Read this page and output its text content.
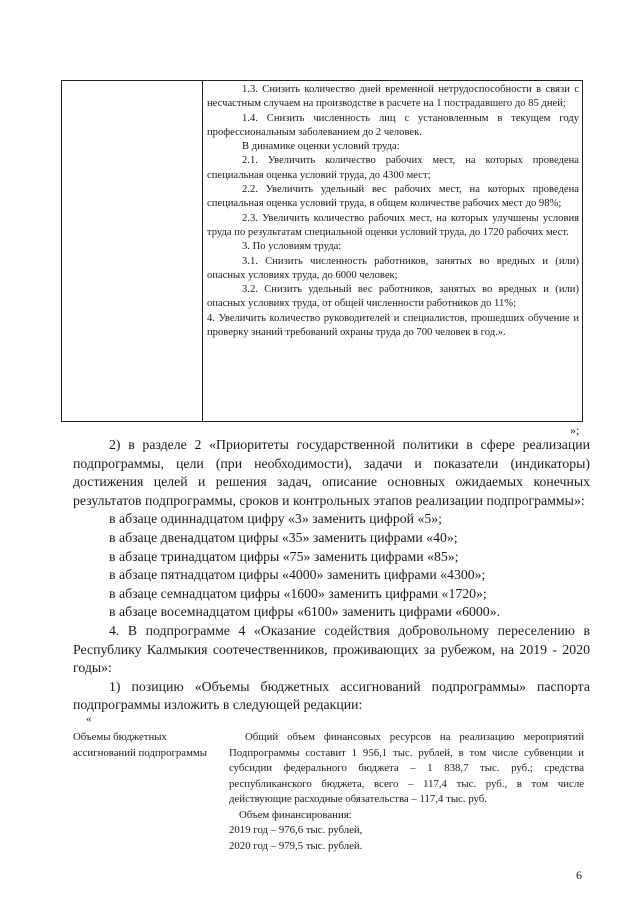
1.3. Снизить количество дней временной нетрудоспособности в связи с несчастным случаем на производстве в расчете на 1 пострадавшего до 85 дней;

1.4. Снизить численность лиц с установленным в текущем году профессиональным заболеванием до 2 человек.

В динамике оценки условий труда:

2.1. Увеличить количество рабочих мест, на которых проведена специальная оценка условий труда, до 4300 мест;

2.2. Увеличить удельный вес рабочих мест, на которых проведена специальная оценка условий труда, в общем количестве рабочих мест до 98%;

2.3. Увеличить количество рабочих мест, на которых улучшены условия труда по результатам специальной оценки условий труда, до 1720 рабочих мест.

3. По условиям труда:

3.1. Снизить численность работников, занятых во вредных и (или) опасных условиях труда, до 6000 человек;

3.2. Снизить удельный вес работников, занятых во вредных и (или) опасных условиях труда, от общей численности работников до 11%;

4. Увеличить количество руководителей и специалистов, прошедших обучение и проверку знаний требований охраны труда до 700 человек в год.».

»;

2) в разделе 2 «Приоритеты государственной политики в сфере реализации подпрограммы, цели (при необходимости), задачи и показатели (индикаторы) достижения целей и решения задач, описание основных ожидаемых конечных результатов подпрограммы, сроков и контрольных этапов реализации подпрограммы»:

в абзаце одиннадцатом цифру «3» заменить цифрой «5»;

в абзаце двенадцатом цифры «35» заменить цифрами «40»;

в абзаце тринадцатом цифры «75» заменить цифрами «85»;

в абзаце пятнадцатом цифры «4000» заменить цифрами «4300»;

в абзаце семнадцатом цифры «1600» заменить цифрами «1720»;

в абзаце восемнадцатом цифры «6100» заменить цифрами «6000».

4. В подпрограмме 4 «Оказание содействия добровольному переселению в Республику Калмыкия соотечественников, проживающих за рубежом, на 2019 - 2020 годы»:

1) позицию «Объемы бюджетных ассигнований подпрограммы» паспорта подпрограммы изложить в следующей редакции:

«
Объемы бюджетных ассигнований подпрограммы

Общий объем финансовых ресурсов на реализацию мероприятий Подпрограммы составит 1 956,1 тыс. рублей, в том числе субвенции и субсидии федерального бюджета – 1 838,7 тыс. руб.; средства республиканского бюджета, всего – 117,4 тыс. руб., в том числе действующие расходные обязательства – 117,4 тыс. руб.

Объем финансирования:

2019 год – 976,6 тыс. рублей,

2020 год – 979,5 тыс. рублей.

6
